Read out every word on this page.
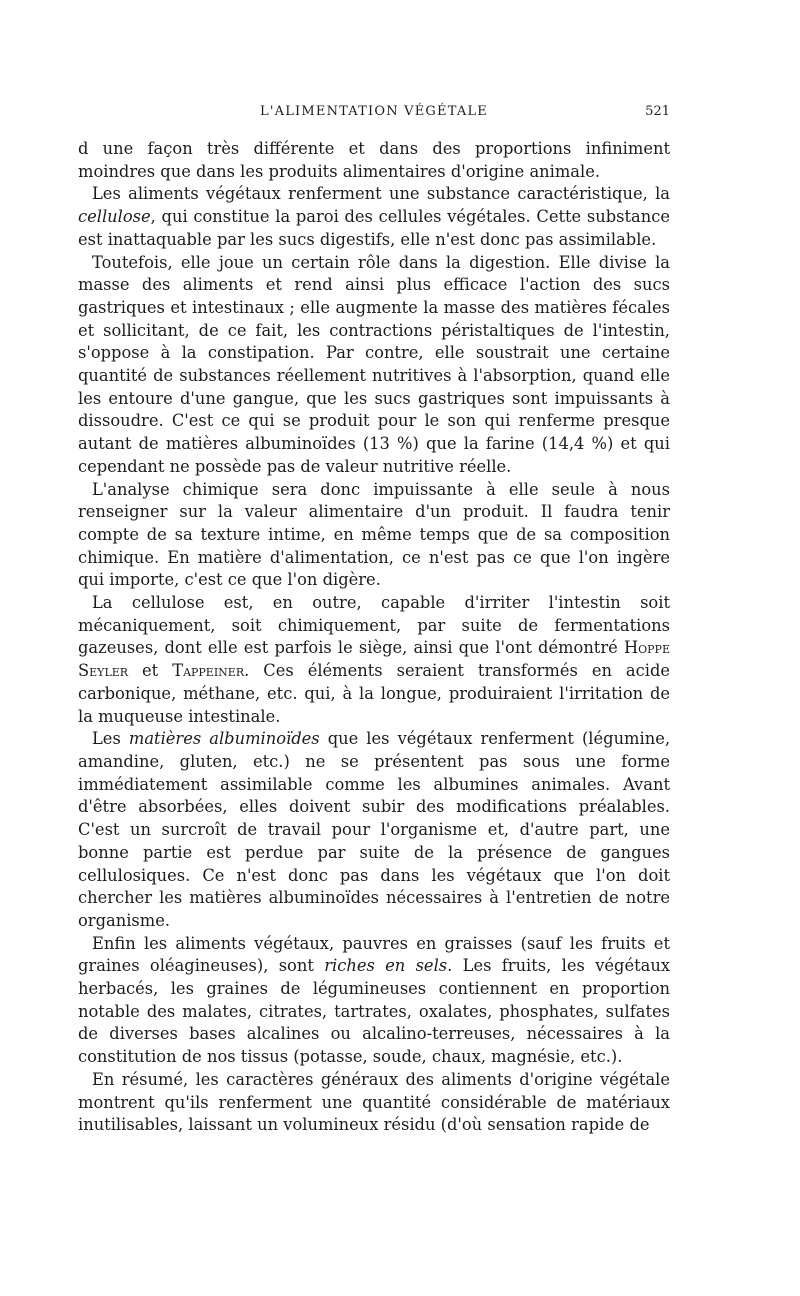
L'ALIMENTATION VÉGÉTALE	521

d une façon très différente et dans des proportions infiniment moindres que dans les produits alimentaires d'origine animale.

Les aliments végétaux renferment une substance caractéristique, la cellulose, qui constitue la paroi des cellules végétales. Cette substance est inattaquable par les sucs digestifs, elle n'est donc pas assimilable.

Toutefois, elle joue un certain rôle dans la digestion. Elle divise la masse des aliments et rend ainsi plus efficace l'action des sucs gastriques et intestinaux ; elle augmente la masse des matières fécales et sollicitant, de ce fait, les contractions péristaltiques de l'intestin, s'oppose à la constipation. Par contre, elle soustrait une certaine quantité de substances réellement nutritives à l'absorption, quand elle les entoure d'une gangue, que les sucs gastriques sont impuissants à dissoudre. C'est ce qui se produit pour le son qui renferme presque autant de matières albuminoïdes (13 %) que la farine (14,4 %) et qui cependant ne possède pas de valeur nutritive réelle.

L'analyse chimique sera donc impuissante à elle seule à nous renseigner sur la valeur alimentaire d'un produit. Il faudra tenir compte de sa texture intime, en même temps que de sa composition chimique. En matière d'alimentation, ce n'est pas ce que l'on ingère qui importe, c'est ce que l'on digère.

La cellulose est, en outre, capable d'irriter l'intestin soit mécaniquement, soit chimiquement, par suite de fermentations gazeuses, dont elle est parfois le siège, ainsi que l'ont démontré Hoppe Seyler et Tappeiner. Ces éléments seraient transformés en acide carbonique, méthane, etc. qui, à la longue, produiraient l'irritation de la muqueuse intestinale.

Les matières albuminoïdes que les végétaux renferment (légumine, amandine, gluten, etc.) ne se présentent pas sous une forme immédiatement assimilable comme les albumines animales. Avant d'être absorbées, elles doivent subir des modifications préalables. C'est un surcroît de travail pour l'organisme et, d'autre part, une bonne partie est perdue par suite de la présence de gangues cellulosiques. Ce n'est donc pas dans les végétaux que l'on doit chercher les matières albuminoïdes nécessaires à l'entretien de notre organisme.

Enfin les aliments végétaux, pauvres en graisses (sauf les fruits et graines oléagineuses), sont riches en sels. Les fruits, les végétaux herbacés, les graines de légumineuses contiennent en proportion notable des malates, citrates, tartrates, oxalates, phosphates, sulfates de diverses bases alcalines ou alcalino-terreuses, nécessaires à la constitution de nos tissus (potasse, soude, chaux, magnésie, etc.).

En résumé, les caractères généraux des aliments d'origine végétale montrent qu'ils renferment une quantité considérable de matériaux inutilisables, laissant un volumineux résidu (d'où sensation rapide de
